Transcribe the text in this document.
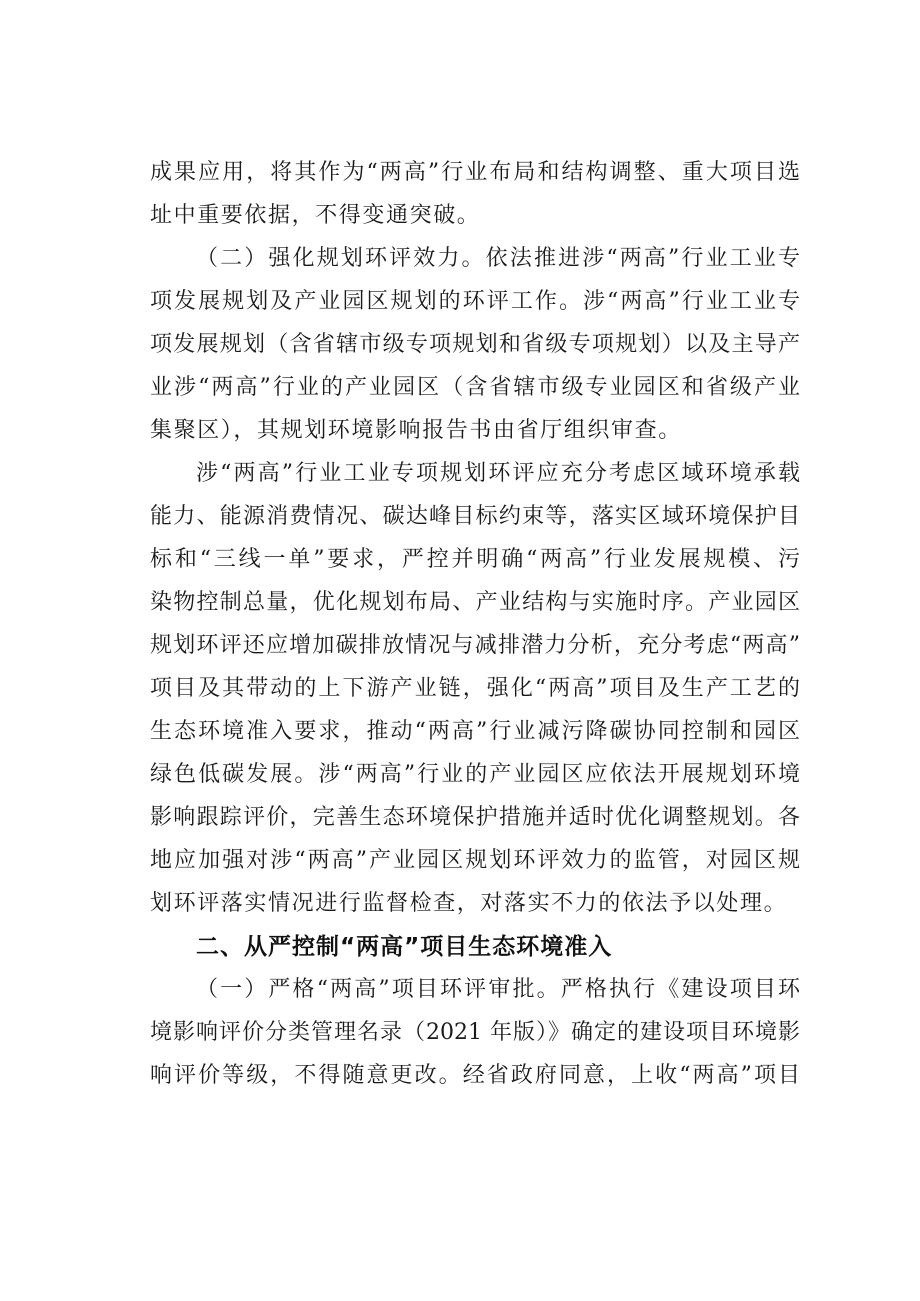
成果应用，将其作为“两高”行业布局和结构调整、重大项目选

址中重要依据，不得变通突破。

（二）强化规划环评效力。依法推进涉“两高”行业工业专

项发展规划及产业园区规划的环评工作。涉“两高”行业工业专

项发展规划（含省辖市级专项规划和省级专项规划）以及主导产

业涉“两高”行业的产业园区（含省辖市级专业园区和省级产业

集聚区），其规划环境影响报告书由省厅组织审查。

涉“两高”行业工业专项规划环评应充分考虑区域环境承载

能力、能源消费情况、碳达峰目标约束等，落实区域环境保护目

标和“三线一单”要求，严控并明确“两高”行业发展规模、污

染物控制总量，优化规划布局、产业结构与实施时序。产业园区

规划环评还应增加碳排放情况与减排潜力分析，充分考虑“两高”

项目及其带动的上下游产业链，强化“两高”项目及生产工艺的

生态环境准入要求，推动“两高”行业减污降碳协同控制和园区

绿色低碳发展。涉“两高”行业的产业园区应依法开展规划环境

影响跟踪评价，完善生态环境保护措施并适时优化调整规划。各

地应加强对涉“两高”产业园区规划环评效力的监管，对园区规

划环评落实情况进行监督检查，对落实不力的依法予以处理。

二、从严控制“两高”项目生态环境准入

（一）严格“两高”项目环评审批。严格执行《建设项目环

境影响评价分类管理名录（2021 年版）》确定的建设项目环境影

响评价等级，不得随意更改。经省政府同意，上收“两高”项目
